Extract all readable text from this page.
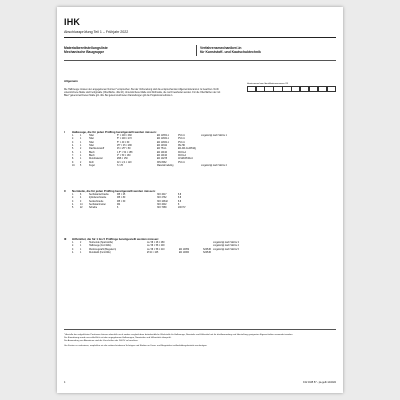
IHK
Abschlussprüfung Teil 1 – Frühjahr 2022
Materialbereitstellungsliste
Mechanische Baugruppe
Verfahrensmechaniker/-in
für Kunststoff- und Kautschuktechnik
Allgemein
Die Halbzeuge müssen den angegebenen Normen* entsprechen. Bei der Vorbereitung sind die entsprechenden Allgemeintoleranzen zu beachten. Nicht unterstrichene Maße sind Fertigmaße (Oberfläche √Ra 16). Unterstrichene Maße sind Rohmaße, die noch bearbeitet werden. Für die Oberflächen der mit Blau* gekennzeichneten Maße gilt √Ra. Bei gekennzeichneten Darstellungen gilt die Projektionsmethode 1.
Identnummer/vom Identifikationsnummer 2/3
I	Halbzeuge, die für jeden Prüfling bereitgestellt werden müssen:
1.	1	Tafel	5* × 200 × 382	EN 11653-1	PVC-U	vorgefertigt nach Skizze 1
2.	1	Tafel	5* × 200 × 272	EN 11833-1	PVC-U
3.	1	Tafel	5* × 40 × 60	EN 11833-1	PVC-U
4.	1	Tafel	25* × 45 × 280	EN 14632	PE-HD
5.	2	Flachkunststoff	45 × 25* × 80	EN 754-1	EN AW-Cu4PbMg
6.	1	Blech	1,5* × 54 × 158	EN 10130	DC01-A
7.	1	Blech	3* × 50 × 160	EN 10130	DC01-A
8.	1	Rundmaterial	Ø28 × 150	EN 10278	11SMnPb30+C
9.	2	Rohr	32 × 2,4 × 120	DIN 8062	PVC-U
10.	5	Kugel	S / 25	Material beliebig	vorgefertigt nach Skizze 2
II	Normteile, die für jeden Prüfling bereitgestellt werden müssen:
1.	6	Sechskantschraube	M5 × 25	ISO 4017	8.8
2.	4	Zylinderschraube	M5 × 80	ISO 4762	8.8
3.	3	Senkschraube	M5 × 60	ISO 10642	8.8
4.	14	Sechskantmutter	M4	ISO 4032	8
5.	22	Scheibe	6	ISO 7089	200 HV
III	Hilfsmittel, die für 1 bis 5 Prüflinge bereitgestellt werden müssen:
1.	2	Heizsonde (Spannstifte)	ca. 58 × 28 × 280	vorgefertigt nach Skizze 3
2.	1	Halbzeuge (Formhilfe)	ca. 58 × 58 × 200	vorgefertigt nach Skizze 4
3.	1	Werkzeugstahl (Biegekern)	ca. 58 × 58 × 210	EN 10059	S235JR vorgefertigt nach Skizze 5
4.	1	Rundstahl (Formhilfe)	Ø 32 × 105	EN 10060	S235JR
* Anstelle der aufgeführten Positionen können ebenfalls auch andere vergleichbare betriebsübliche Werkstoffe für Halbzeuge, Normteile und Hilfsmittel mit für die Anwendung und Herstellung geeigneten Eigenschaften verwendet werden.
Die Einordnung wurde ausschließlich mit den angegebenen Halbzeugen, Normteilen und Hilfsmitteln überprüft.
Die Anwendung von Aluminium sind die Vorschriften der DGUV zu beachten.
Um Kosten zu reduzieren, empfehlen wir die vorbeschriebenen Schrägen und Radien an Form- und Biegeteilen im Ausbildungsbetrieb anzufertigen.
4	F22 1945 57 - pa-gelb 14/2022
